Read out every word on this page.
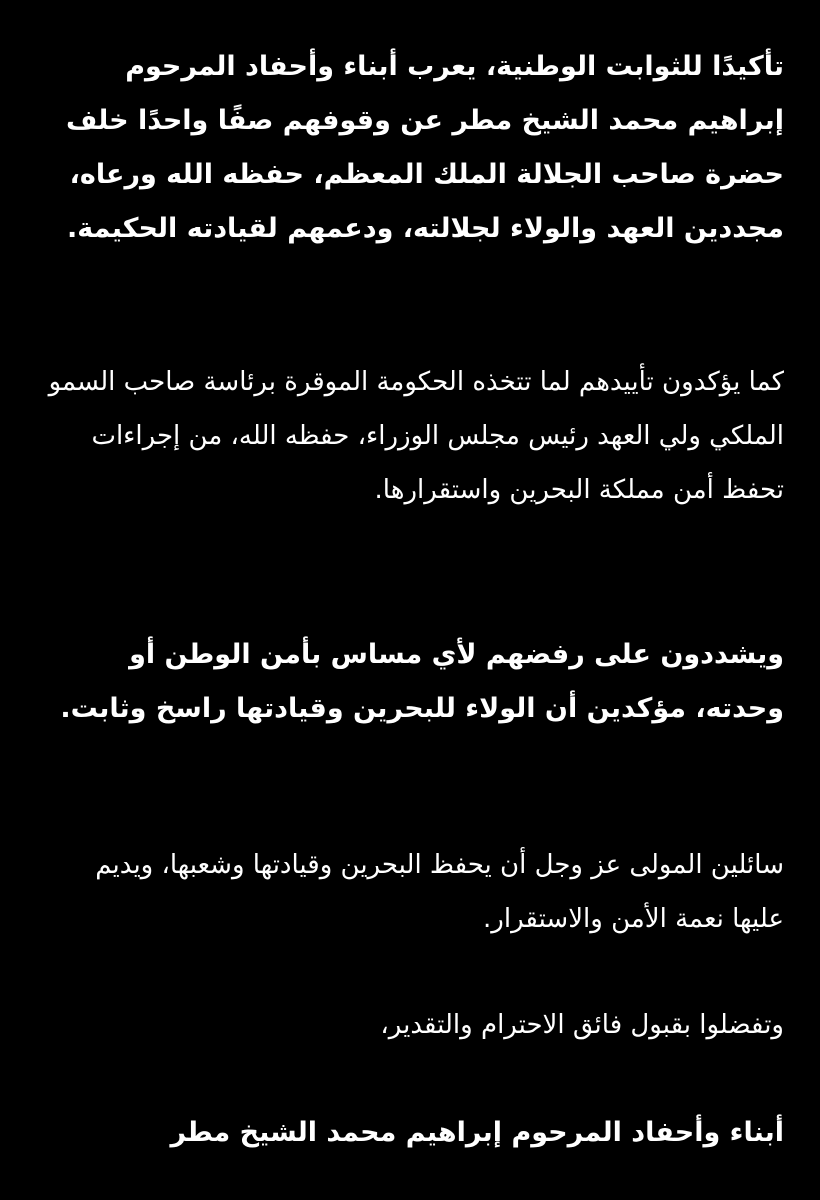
تأكيدًا للثوابت الوطنية، يعرب أبناء وأحفاد المرحوم إبراهيم محمد الشيخ مطر عن وقوفهم صفًا واحدًا خلف حضرة صاحب الجلالة الملك المعظم، حفظه الله ورعاه، مجددين العهد والولاء لجلالته، ودعمهم لقيادته الحكيمة.

كما يؤكدون تأييدهم لما تتخذه الحكومة الموقرة برئاسة صاحب السمو الملكي ولي العهد رئيس مجلس الوزراء، حفظه الله، من إجراءات تحفظ أمن مملكة البحرين واستقرارها.

ويشددون على رفضهم لأي مساس بأمن الوطن أو وحدته، مؤكدين أن الولاء للبحرين وقيادتها راسخ وثابت.

سائلين المولى عز وجل أن يحفظ البحرين وقيادتها وشعبها، ويديم عليها نعمة الأمن والاستقرار.

وتفضلوا بقبول فائق الاحترام والتقدير،

أبناء وأحفاد المرحوم إبراهيم محمد الشيخ مطر
